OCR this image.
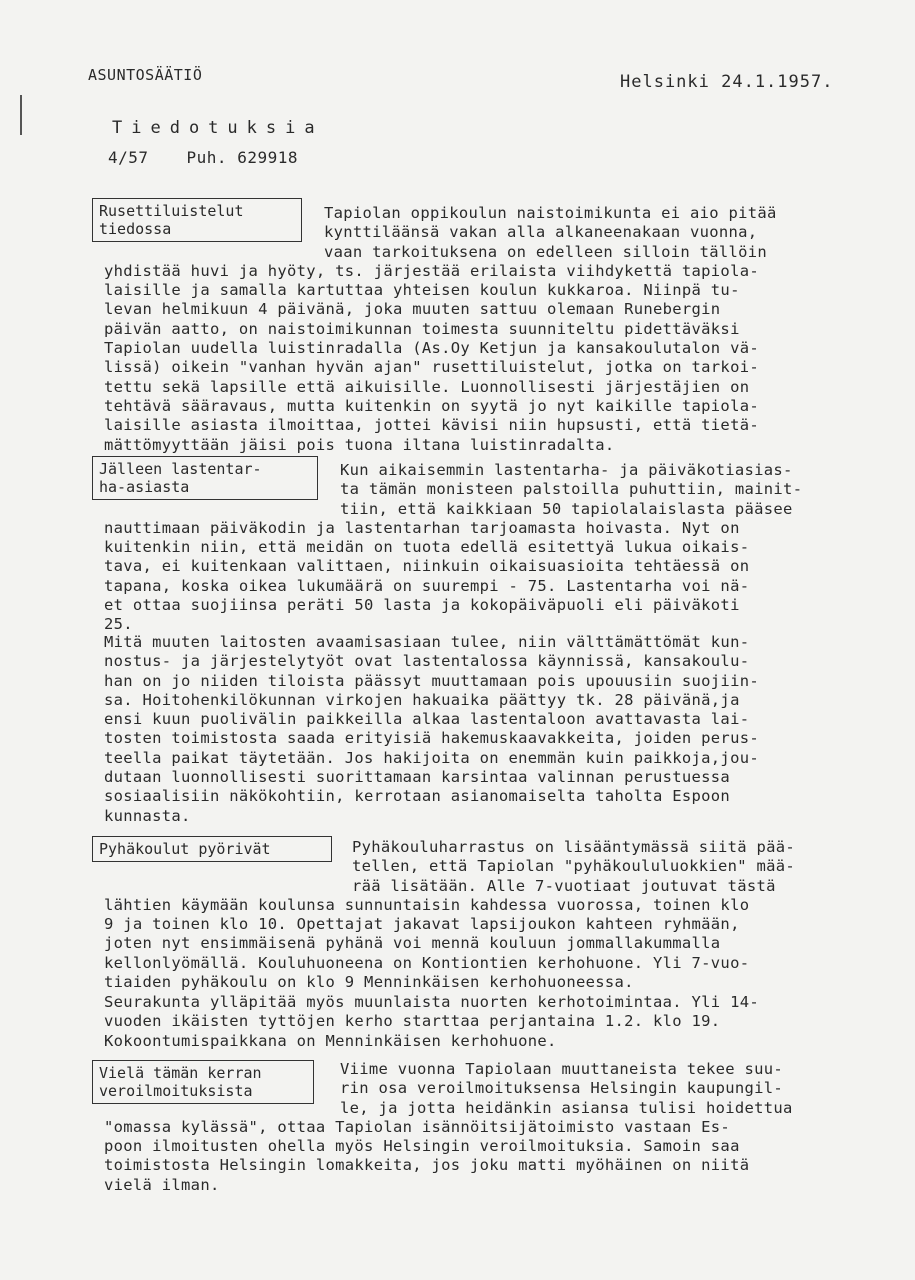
ASUNTOSÄÄTIÖ	Helsinki 24.1.1957.
Tiedotuksia
4/57 Puh. 629918
Rusettiluistelut
tiedossa
Tapiolan oppikoulun naistoimikunta ei aio pitää
kynttiläänsä vakan alla alkaneenakaan vuonna,
vaan tarkoituksena on edelleen silloin tällöin
yhdistää huvi ja hyöty, ts. järjestää erilaista viihdykettä tapiola-
laisille ja samalla kartuttaa yhteisen koulun kukkaroa. Niinpä tu-
levan helmikuun 4 päivänä, joka muuten sattuu olemaan Runebergin
päivän aatto, on naistoimikunnan toimesta suunniteltu pidettäväksi
Tapiolan uudella luistinradalla (As.Oy Ketjun ja kansakoulutalon vä-
lissä) oikein "vanhan hyvän ajan" rusettiluistelut, jotka on tarkoi-
tettu sekä lapsille että aikuisille. Luonnollisesti järjestäjien on
tehtävä sääravaus, mutta kuitenkin on syytä jo nyt kaikille tapiola-
laisille asiasta ilmoittaa, jottei kävisi niin hupsusti, että tietä-
mättömyyttään jäisi pois tuona iltana luistinradalta.
Jälleen lastentar-
ha-asiasta
Kun aikaisemmin lastentarha- ja päiväkotiasias-
ta tämän monisteen palstoilla puhuttiin, mainit-
tiin, että kaikkiaan 50 tapiolalaislasta pääsee
nauttimaan päiväkodin ja lastentarhan tarjoamasta hoivasta. Nyt on
kuitenkin niin, että meidän on tuota edellä esitettyä lukua oikais-
tava, ei kuitenkaan valittaen, niinkuin oikaisuasioita tehtäessä on
tapana, koska oikea lukumäärä on suurempi - 75. Lastentarha voi nä-
et ottaa suojiinsa peräti 50 lasta ja kokopäiväpuoli eli päiväkoti
25.
Mitä muuten laitosten avaamisasiaan tulee, niin välttämättömät kun-
nostus- ja järjestelytyöt ovat lastentalossa käynnissä, kansakoulu-
han on jo niiden tiloista päässyt muuttamaan pois upouusiin suojiin-
sa. Hoitohenkilökunnan virkojen hakuaika päättyy tk. 28 päivänä,ja
ensi kuun puolivälin paikkeilla alkaa lastentaloon avattavasta lai-
tosten toimistosta saada erityisiä hakemuskaavakkeita, joiden perus-
teella paikat täytetään. Jos hakijoita on enemmän kuin paikkoja,jou-
dutaan luonnollisesti suorittamaan karsintaa valinnan perustuessa
sosiaalisiin näkökohtiin, kerrotaan asianomaiselta taholta Espoon
kunnasta.
Pyhäkoulut pyörivät	Pyhäkouluharrastus on lisääntymässä siitä pää-
tellen, että Tapiolan "pyhäkoululuokkien" mää-
rää lisätään. Alle 7-vuotiaat joutuvat tästä
lähtien käymään koulunsa sunnuntaisin kahdessa vuorossa, toinen klo
9 ja toinen klo 10. Opettajat jakavat lapsijoukon kahteen ryhmään,
joten nyt ensimmäisenä pyhänä voi mennä kouluun jommallakummalla
kellonlyömällä. Kouluhuoneena on Kontiontien kerhohuone. Yli 7-vuo-
tiaiden pyhäkoulu on klo 9 Menninkäisen kerhohuoneessa.
Seurakunta ylläpitää myös muunlaista nuorten kerhotoimintaa. Yli 14-
vuoden ikäisten tyttöjen kerho starttaa perjantaina 1.2. klo 19.
Kokoontumispaikkana on Menninkäisen kerhohuone.
Vielä tämän kerran
veroilmoituksista
Viime vuonna Tapiolaan muuttaneista tekee suu-
rin osa veroilmoituksensa Helsingin kaupungil-
le, ja jotta heidänkin asiansa tulisi hoidettua
"omassa kylässä", ottaa Tapiolan isännöitsijätoimisto vastaan Es-
poon ilmoitusten ohella myös Helsingin veroilmoituksia. Samoin saa
toimistosta Helsingin lomakkeita, jos joku matti myöhäinen on niitä
vielä ilman.
